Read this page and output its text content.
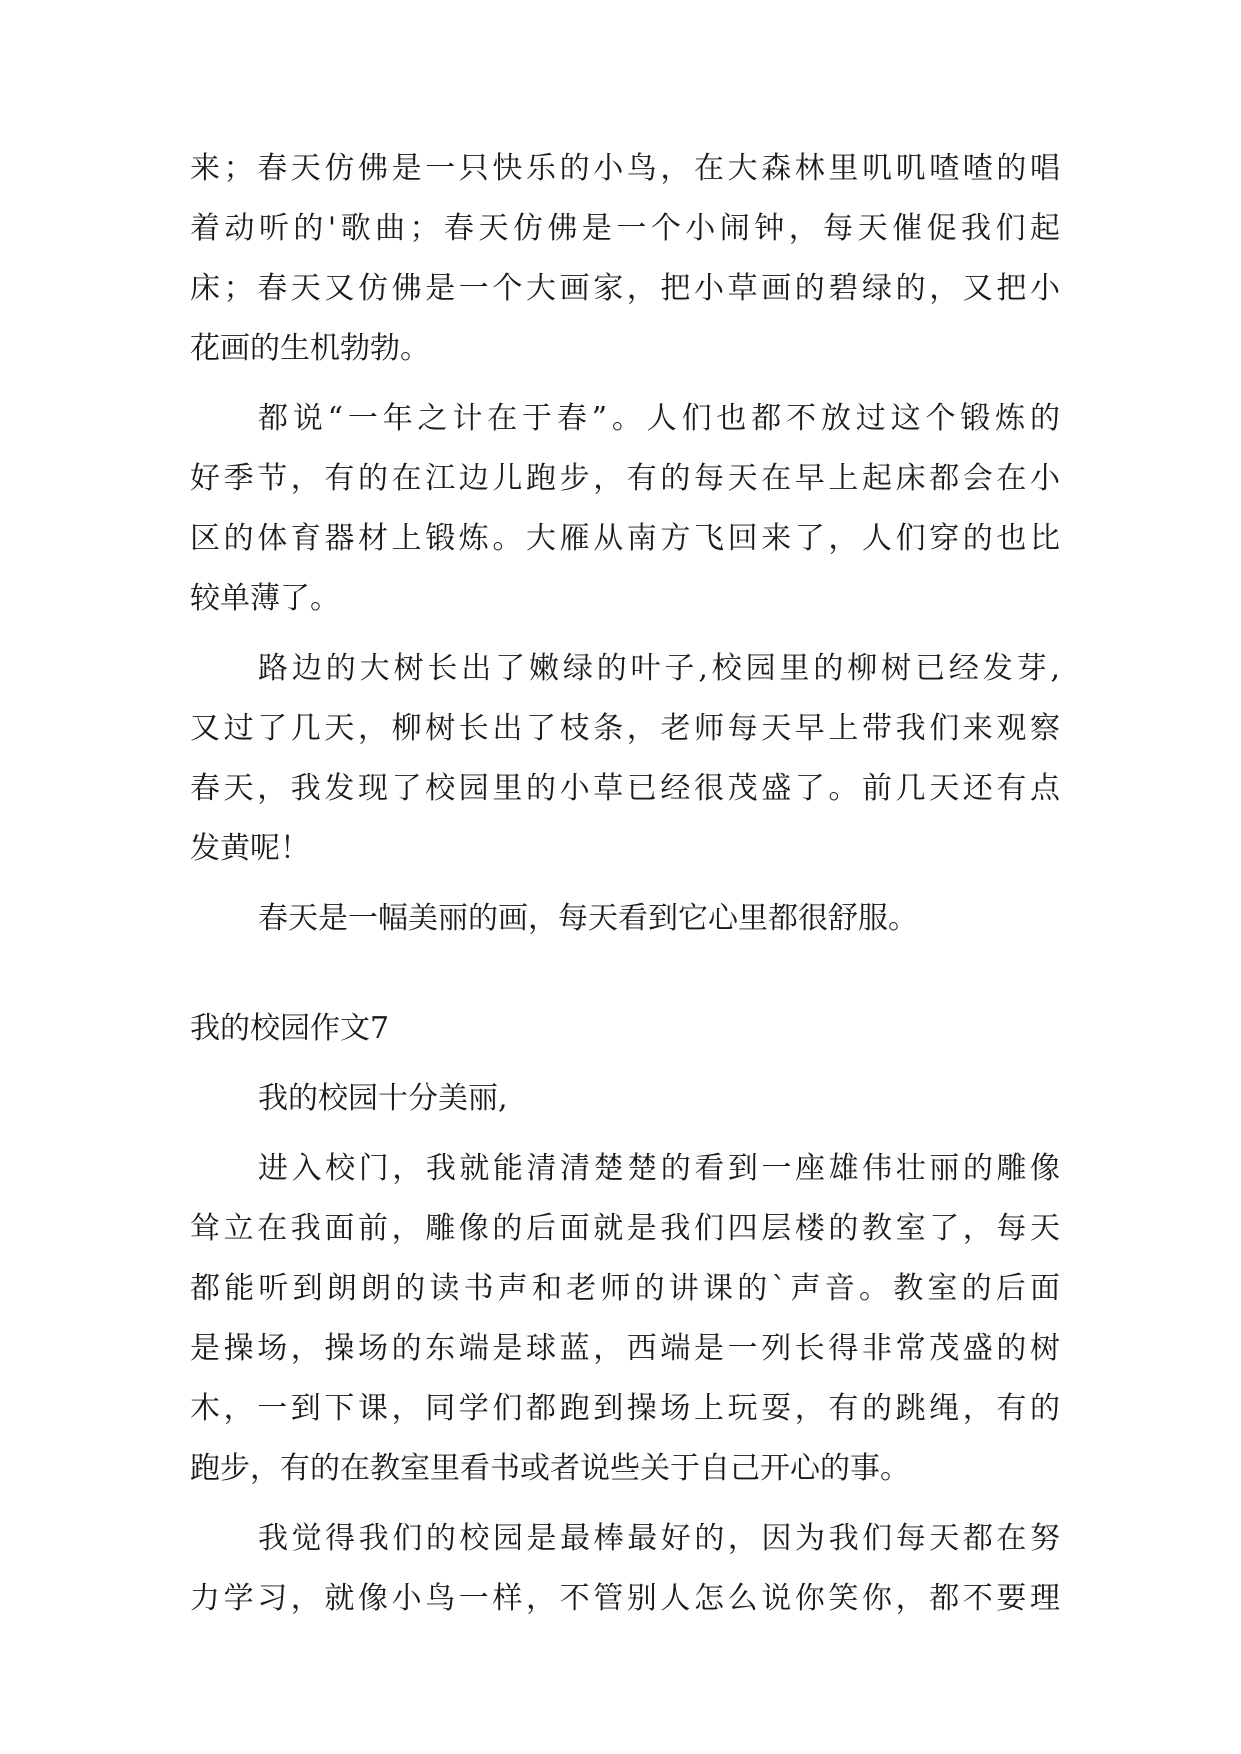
来；春天仿佛是一只快乐的小鸟，在大森林里叽叽喳喳的唱
着动听的'歌曲；春天仿佛是一个小闹钟，每天催促我们起
床；春天又仿佛是一个大画家，把小草画的碧绿的，又把小
花画的生机勃勃。
都说“一年之计在于春”。人们也都不放过这个锻炼的
好季节，有的在江边儿跑步，有的每天在早上起床都会在小
区的体育器材上锻炼。大雁从南方飞回来了，人们穿的也比
较单薄了。
路边的大树长出了嫩绿的叶子,校园里的柳树已经发芽,
又过了几天，柳树长出了枝条，老师每天早上带我们来观察
春天，我发现了校园里的小草已经很茂盛了。前几天还有点
发黄呢！
春天是一幅美丽的画，每天看到它心里都很舒服。
我的校园作文7
我的校园十分美丽,
进入校门，我就能清清楚楚的看到一座雄伟壮丽的雕像
耸立在我面前，雕像的后面就是我们四层楼的教室了，每天
都能听到朗朗的读书声和老师的讲课的`声音。教室的后面
是操场，操场的东端是球蓝，西端是一列长得非常茂盛的树
木，一到下课，同学们都跑到操场上玩耍，有的跳绳，有的
跑步，有的在教室里看书或者说些关于自己开心的事。
我觉得我们的校园是最棒最好的，因为我们每天都在努
力学习，就像小鸟一样，不管别人怎么说你笑你，都不要理
